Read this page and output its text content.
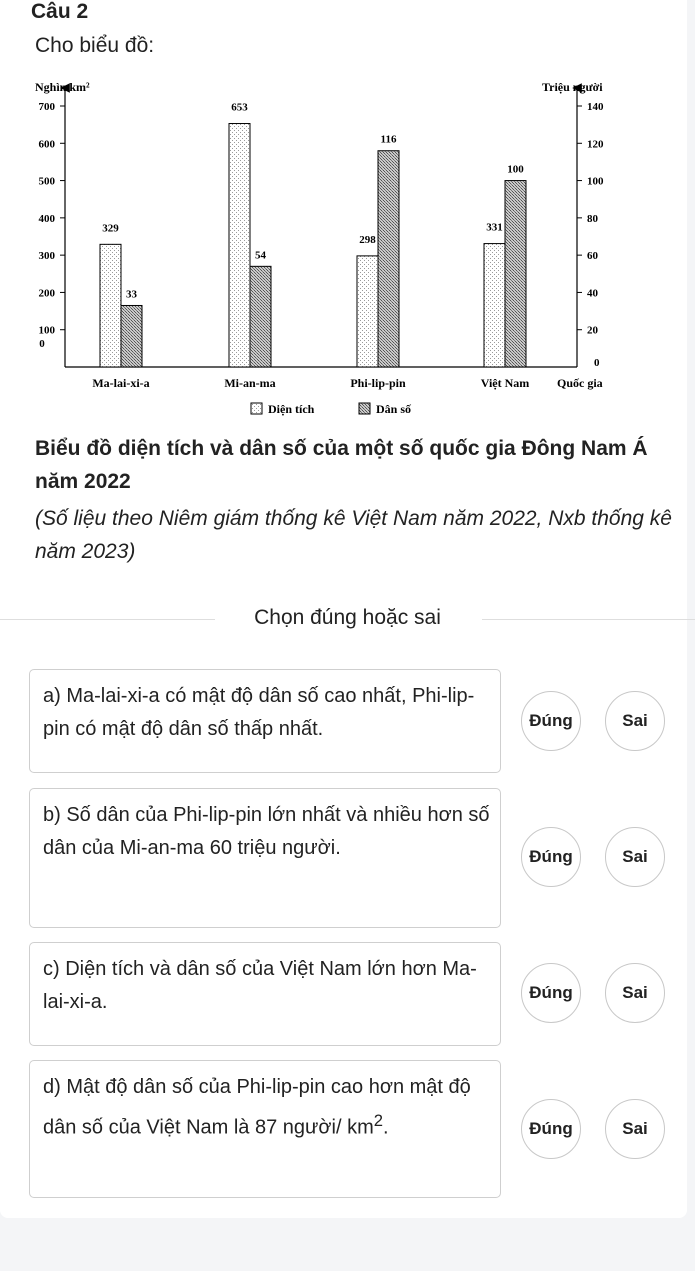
Câu 2
Cho biểu đồ:
Nghìn km²	Triệu người
Quốc gia
0
100
200
300
400
500
600
700
0
20
40
60
80
100
120
140
329
33
Ma-lai-xi-a
653
54
Mi-an-ma
298
116
Phi-lip-pin
331
100
Việt Nam
Diện tích	Dân số
Biểu đồ diện tích và dân số của một số quốc gia Đông Nam Á năm 2022
(Số liệu theo Niêm giám thống kê Việt Nam năm 2022, Nxb thống kê năm 2023)
Chọn đúng hoặc sai
a) Ma-lai-xi-a có mật độ dân số cao nhất, Phi-lip-pin có mật độ dân số thấp nhất.	Đúng	Sai
b) Số dân của Phi-lip-pin lớn nhất và nhiều hơn số dân của Mi-an-ma 60 triệu người.	Đúng	Sai
c) Diện tích và dân số của Việt Nam lớn hơn Ma-lai-xi-a.	Đúng	Sai
d) Mật độ dân số của Phi-lip-pin cao hơn mật độ dân số của Việt Nam là 87 người/ $km^2$.	Đúng	Sai
